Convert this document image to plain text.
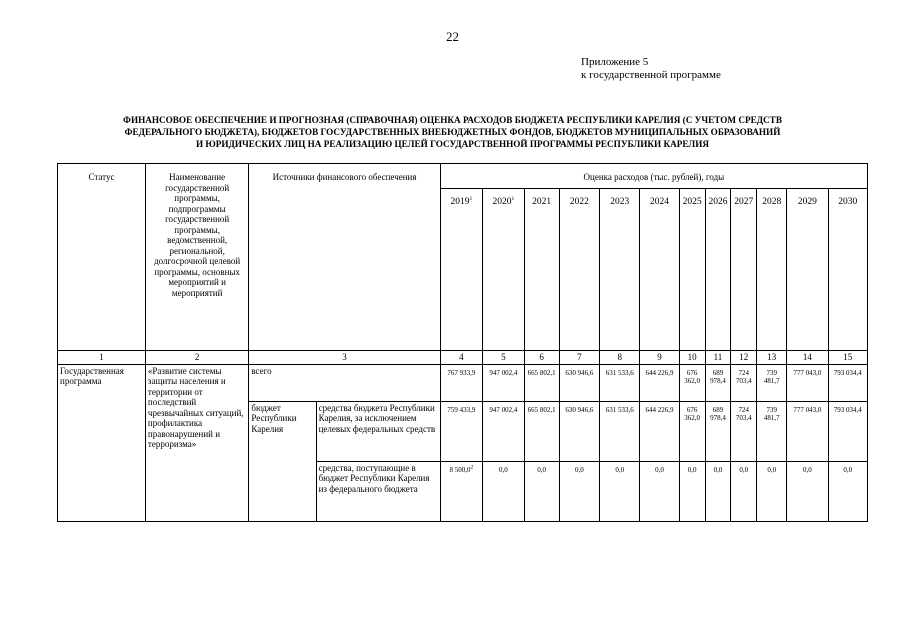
22
Приложение 5
к государственной программе
ФИНАНСОВОЕ ОБЕСПЕЧЕНИЕ И ПРОГНОЗНАЯ (СПРАВОЧНАЯ) ОЦЕНКА РАСХОДОВ БЮДЖЕТА РЕСПУБЛИКИ КАРЕЛИЯ (С УЧЕТОМ СРЕДСТВ
ФЕДЕРАЛЬНОГО БЮДЖЕТА), БЮДЖЕТОВ ГОСУДАРСТВЕННЫХ ВНЕБЮДЖЕТНЫХ ФОНДОВ, БЮДЖЕТОВ МУНИЦИПАЛЬНЫХ ОБРАЗОВАНИЙ
И ЮРИДИЧЕСКИХ ЛИЦ НА РЕАЛИЗАЦИЮ ЦЕЛЕЙ ГОСУДАРСТВЕННОЙ ПРОГРАММЫ РЕСПУБЛИКИ КАРЕЛИЯ
Статус	Наименование государственной программы, подпрограммы государственной программы, ведомственной, региональной, долгосрочной целевой программы, основных мероприятий и мероприятий	Источники финансового обеспечения		Оценка расходов (тыс. рублей), годы											
				2019$^1$	2020$^1$	2021	2022	2023	2024	2025	2026	2027	2028	2029	2030
1	2	3		4	5	6	7	8	9	10	11	12	13	14	15
Государственная программа	«Развитие системы защиты населения и территории от последствий чрезвычайных ситуаций, профилактика правонарушений и терроризма»	всего		767 933,9	947 002,4	665 802,1	630 946,6	631 533,6	644 226,9	676 362,0	689 978,4	724 703,4	739 481,7	777 043,0	793 034,4
		бюджет Республики Карелия	средства бюджета Республики Карелия, за исключением целевых федеральных средств	759 433,9	947 002,4	665 802,1	630 946,6	631 533,6	644 226,9	676 362,0	689 978,4	724 703,4	739 481,7	777 043,0	793 034,4
			средства, поступающие в бюджет Республики Карелия из федерального бюджета	8 500,0$^2$	0,0	0,0	0,0	0,0	0,0	0,0	0,0	0,0	0,0	0,0	0,0
